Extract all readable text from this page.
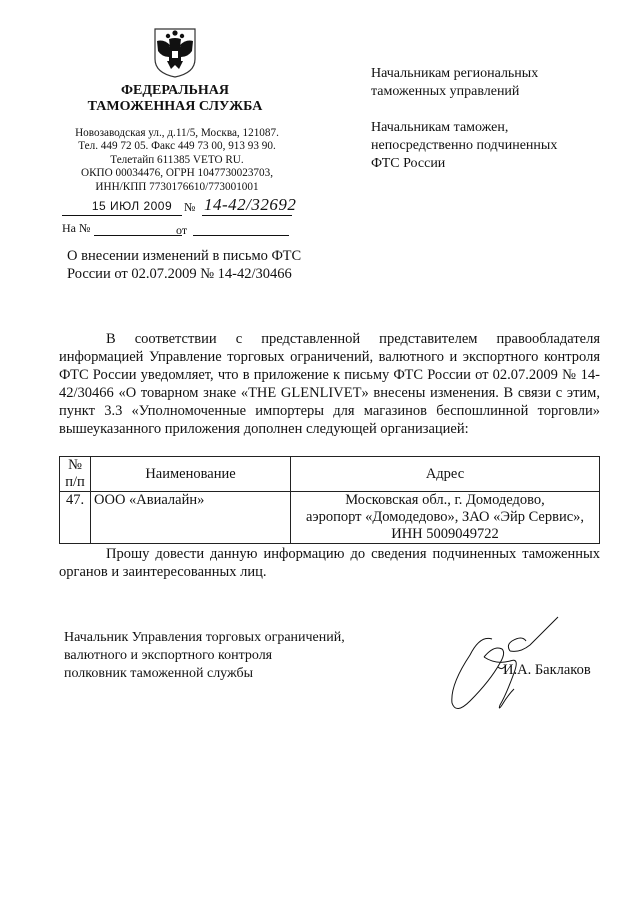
ФЕДЕРАЛЬНАЯ
ТАМОЖЕННАЯ СЛУЖБА
Новозаводская ул., д.11/5, Москва, 121087.
Тел. 449 72 05. Факс 449 73 00, 913 93 90.
Телетайп 611385 VETO RU.
ОКПО 00034476, ОГРН 1047730023703,
ИНН/КПП 7730176610/773001001
15 ИЮЛ 2009 № 14-42/32692
На №	от
Начальникам региональных
таможенных управлений
Начальникам таможен,
непосредственно подчиненных
ФТС России
О внесении изменений в письмо ФТС
России от 02.07.2009 № 14-42/30466
В соответствии с представленной представителем правообладателя информацией Управление торговых ограничений, валютного и экспортного контроля ФТС России уведомляет, что в приложение к письму ФТС России от 02.07.2009 № 14-42/30466 «О товарном знаке «THE GLENLIVET» внесены изменения. В связи с этим, пункт 3.3 «Уполномоченные импортеры для магазинов беспошлинной торговли» вышеуказанного приложения дополнен следующей организацией:
№
п/п	Наименование	Адрес
47.	ООО «Авиалайн»	Московская обл., г. Домодедово,
аэропорт «Домодедово», ЗАО «Эйр Сервис»,
ИНН 5009049722
Прошу довести данную информацию до сведения подчиненных таможенных органов и заинтересованных лиц.
Начальник Управления торговых ограничений,
валютного и экспортного контроля
полковник таможенной службы	И.А. Баклаков
